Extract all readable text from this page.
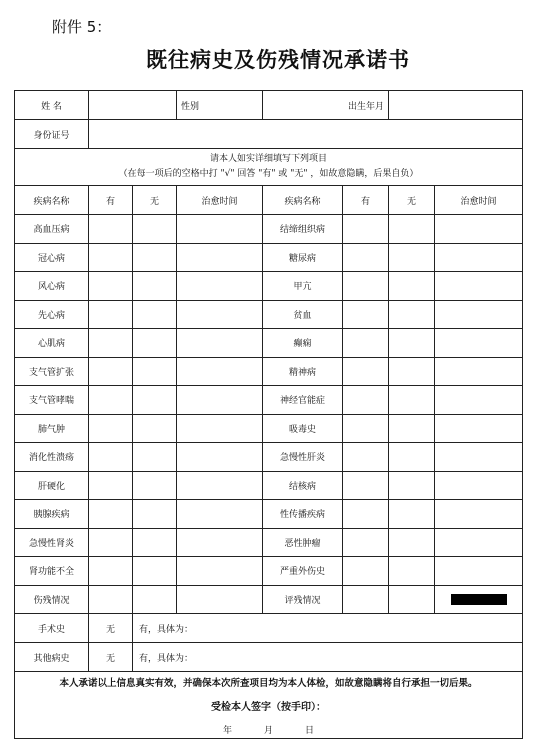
附件 5：
既往病史及伤残情况承诺书
姓 名			性别	出生年月			
身份证号							
请本人如实详细填写下列项目
（在每一项后的空格中打 "√" 回答 "有" 或 "无" ，如故意隐瞒，后果自负）							
疾病名称	有	无	治愈时间	疾病名称	有	无	治愈时间
高血压病				结缔组织病			
冠心病				糖尿病			
风心病				甲亢			
先心病				贫血			
心肌病				癫痫			
支气管扩张				精神病			
支气管哮喘				神经官能症			
肺气肿				吸毒史			
消化性溃疡				急慢性肝炎			
肝硬化				结核病			
胰腺疾病				性传播疾病			
急慢性肾炎				恶性肿瘤			
肾功能不全				严重外伤史			
伤残情况				评残情况			
手术史	无	有，具体为：					
其他病史	无	有，具体为：					

本人承诺以上信息真实有效，并确保本次所查项目均为本人体检，如故意隐瞒将自行承担一切后果。
受检本人签字（按手印）：
年 月 日							
